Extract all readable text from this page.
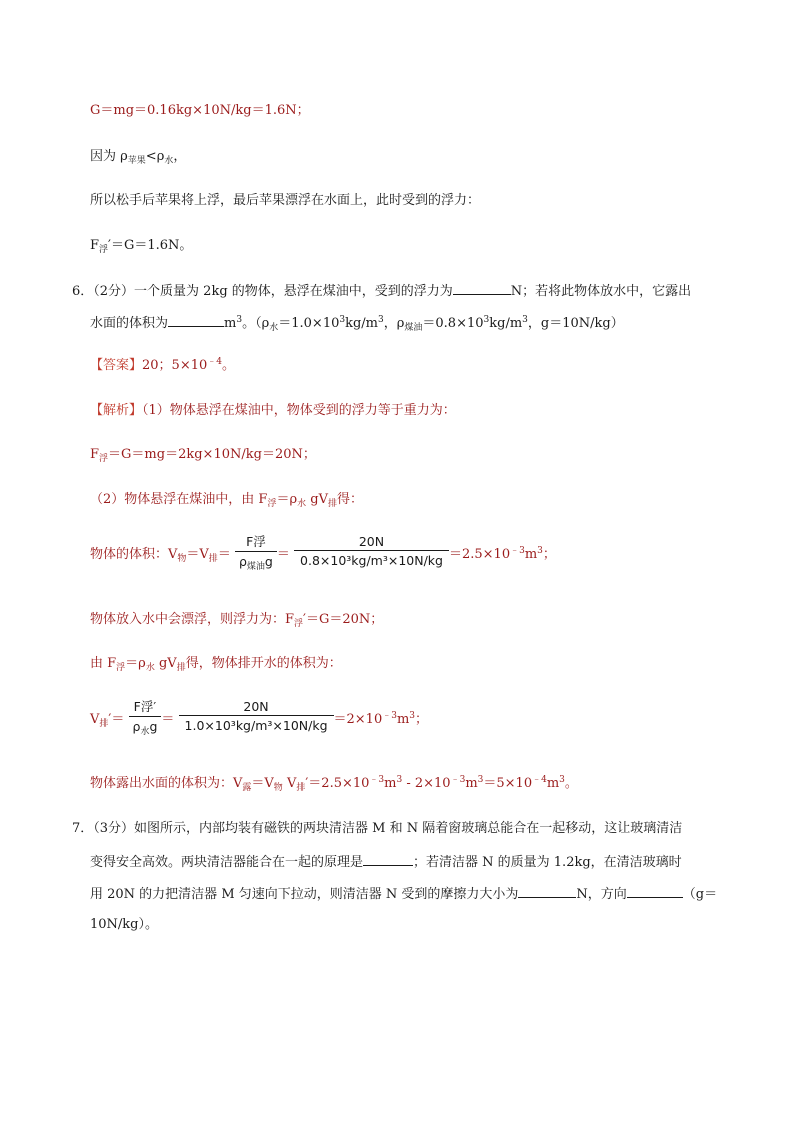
G＝mg＝0.16kg×10N/kg＝1.6N；
因为 $\rho_{苹果}<\rho_水$，
所以松手后苹果将上浮，最后苹果漂浮在水面上，此时受到的浮力：
$F_浮'=G=1.6N$。
6．（2分）一个质量为 2kg 的物体，悬浮在煤油中，受到的浮力为	N；若将此物体放水中，它露出
水面的体积为	$m^3$。（$\rho_水=1.0\times 10^3kg/m^3$，$\rho_{煤油}=0.8\times 10^3kg/m^3$，g＝10N/kg）
【答案】20；$5\times 10^{﹣4}$。
【解析】（1）物体悬浮在煤油中，物体受到的浮力等于重力为：
$F_浮=G=mg=2kg\times 10N/kg=20N$；
（2）物体悬浮在煤油中，由 $F_浮=\rho_水$ $gV_排$得：
物体的体积：$V_物=V_排= \frac{\text{F浮}}{\rho_{煤油}g} = \frac{20N}{\text{0.8×10³kg/m³×10N/kg}} =2.5\times 10^{﹣3}m^3$；
物体放入水中会漂浮，则浮力为：$F_浮'=G=20N$；
由 $F_浮=\rho_水$ $gV_排$得，物体排开水的体积为：
$V_排'= \frac{\text{F浮′}}{\rho_水g} = \frac{20N}{\text{1.0×10³kg/m³×10N/kg}} =2\times 10^{﹣3}m^3$；
物体露出水面的体积为：$V_露=V_物$ $V_排'=2.5\times 10^{﹣3}m^3 - 2\times 10^{﹣3}m^3=5\times 10^{﹣4}m^3$。
7．（3分）如图所示，内部均装有磁铁的两块清洁器 M 和 N 隔着窗玻璃总能合在一起移动，这让玻璃清洁
变得安全高效。两块清洁器能合在一起的原理是	；若清洁器 N 的质量为 1.2kg，在清洁玻璃时
用 20N 的力把清洁器 M 匀速向下拉动，则清洁器 N 受到的摩擦力大小为	N，方向	（g＝
10N/kg）。
